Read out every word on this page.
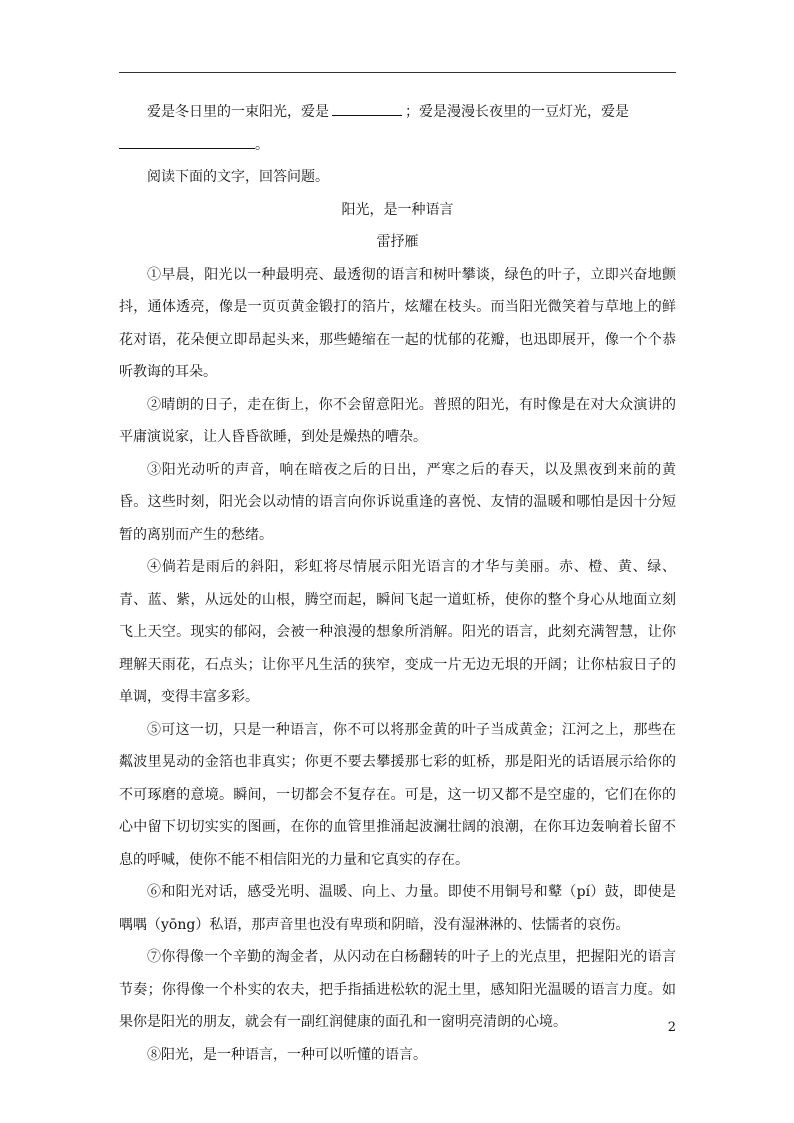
爱是冬日里的一束阳光，爱是	；爱是漫漫长夜里的一豆灯光，爱是
。

阅读下面的文字，回答问题。

阳光，是一种语言

雷抒雁

①早晨，阳光以一种最明亮、最透彻的语言和树叶攀谈，绿色的叶子，立即兴奋地颤抖，通体透亮，像是一页页黄金锻打的箔片，炫耀在枝头。而当阳光微笑着与草地上的鲜花对语，花朵便立即昂起头来，那些蜷缩在一起的忧郁的花瓣，也迅即展开，像一个个恭听教诲的耳朵。

②晴朗的日子，走在街上，你不会留意阳光。普照的阳光，有时像是在对大众演讲的平庸演说家，让人昏昏欲睡，到处是燥热的嘈杂。

③阳光动听的声音，响在暗夜之后的日出，严寒之后的春天，以及黑夜到来前的黄昏。这些时刻，阳光会以动情的语言向你诉说重逢的喜悦、友情的温暖和哪怕是因十分短暂的离别而产生的愁绪。

④倘若是雨后的斜阳，彩虹将尽情展示阳光语言的才华与美丽。赤、橙、黄、绿、青、蓝、紫，从远处的山根，腾空而起，瞬间飞起一道虹桥，使你的整个身心从地面立刻飞上天空。现实的郁闷，会被一种浪漫的想象所消解。阳光的语言，此刻充满智慧，让你理解天雨花，石点头；让你平凡生活的狭窄，变成一片无边无垠的开阔；让你枯寂日子的单调，变得丰富多彩。

⑤可这一切，只是一种语言，你不可以将那金黄的叶子当成黄金；江河之上，那些在粼波里晃动的金箔也非真实；你更不要去攀援那七彩的虹桥，那是阳光的话语展示给你的不可琢磨的意境。瞬间，一切都会不复存在。可是，这一切又都不是空虚的，它们在你的心中留下切切实实的图画，在你的血管里推涌起波澜壮阔的浪潮，在你耳边轰响着长留不息的呼喊，使你不能不相信阳光的力量和它真实的存在。

⑥和阳光对话，感受光明、温暖、向上、力量。即使不用铜号和鼙（pí）鼓，即使是喁喁（yōng）私语，那声音里也没有卑琐和阴暗，没有湿淋淋的、怯懦者的哀伤。

⑦你得像一个辛勤的淘金者，从闪动在白杨翻转的叶子上的光点里，把握阳光的语言节奏；你得像一个朴实的农夫，把手指插进松软的泥土里，感知阳光温暖的语言力度。如果你是阳光的朋友，就会有一副红润健康的面孔和一窗明亮清朗的心境。

⑧阳光，是一种语言，一种可以听懂的语言。

2
